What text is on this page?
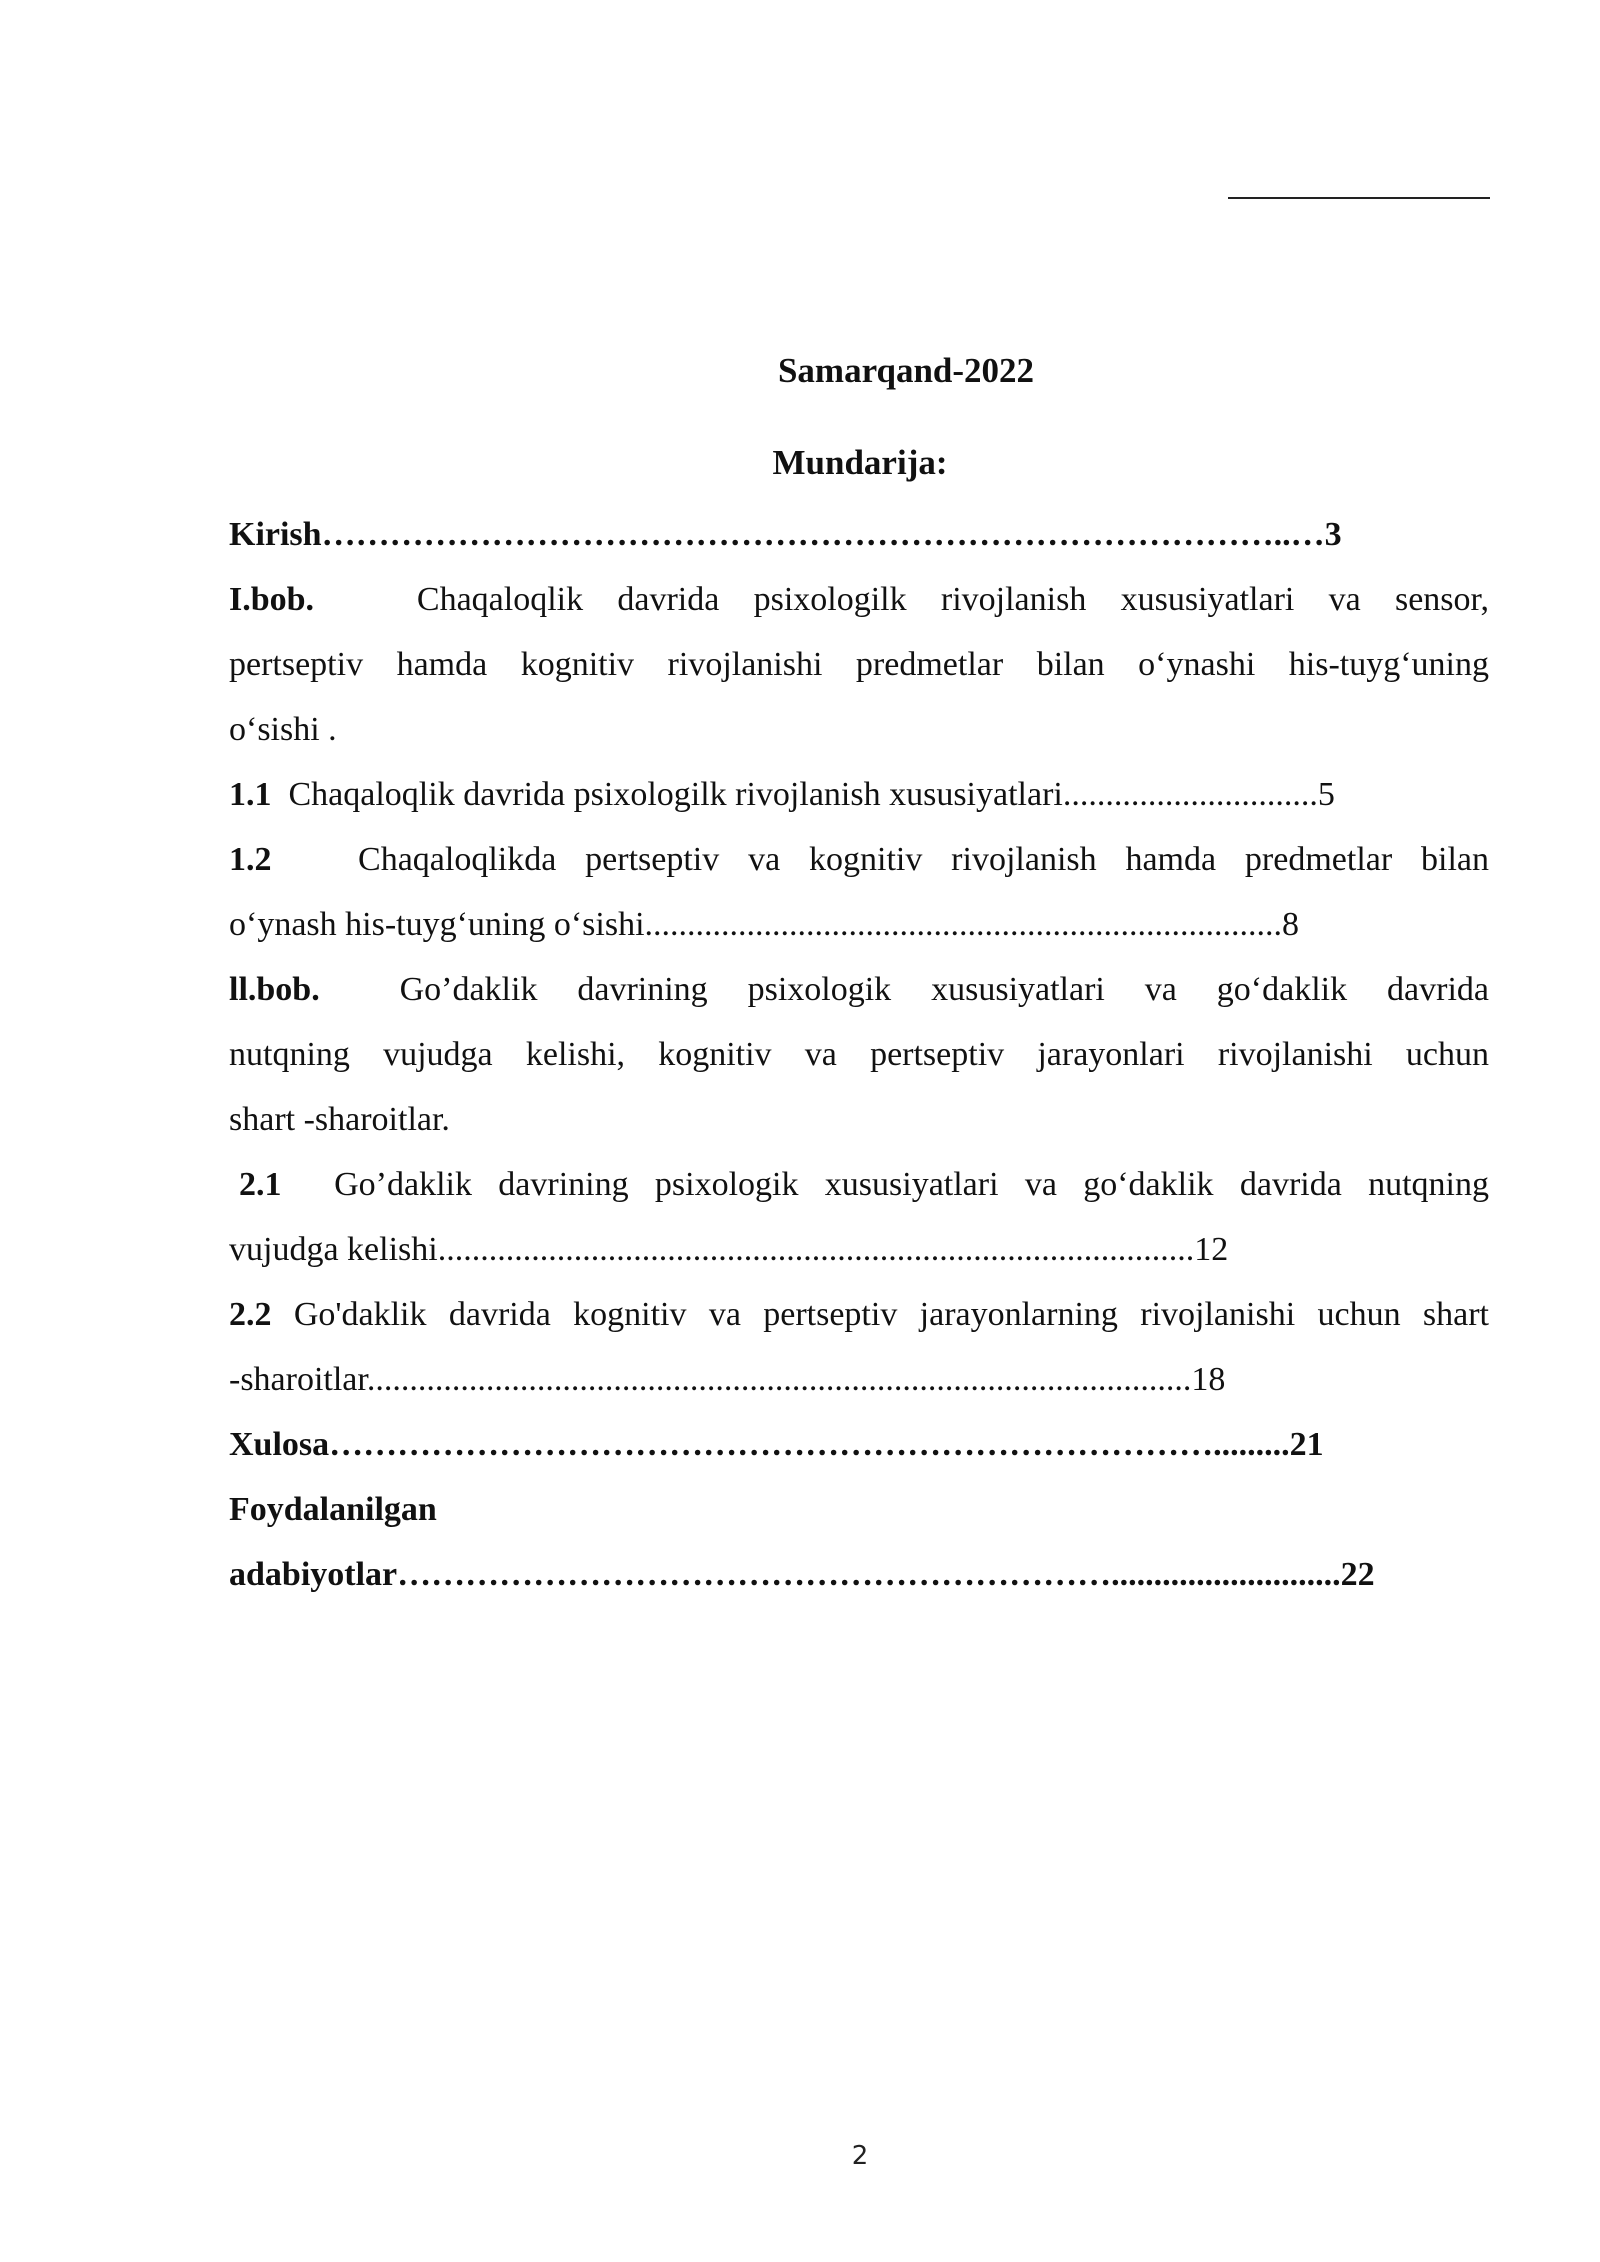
Samarqand-2022
Mundarija:

Kirish…………………………………………………………………………..…3

I.bob.	Chaqaloqlik davrida psixologilk rivojlanish xususiyatlari va sensor,

pertseptiv hamda kognitiv rivojlanishi predmetlar bilan o‘ynashi his-tuyg‘uning

o‘sishi .

1.1 Chaqaloqlik davrida psixologilk rivojlanish xususiyatlari..............................5

1.2	Chaqaloqlikda pertseptiv va kognitiv rivojlanish hamda predmetlar bilan

o‘ynash his-tuyg‘uning o‘sishi...........................................................................8

ll.bob. Go’daklik davrining psixologik xususiyatlari va go‘daklik davrida

nutqning vujudga kelishi, kognitiv va pertseptiv jarayonlari rivojlanishi uchun

shart -sharoitlar.

2.1 Go’daklik davrining psixologik xususiyatlari va go‘daklik davrida nutqning

vujudga kelishi.........................................................................................12

2.2 Go'daklik davrida kognitiv va pertseptiv jarayonlarning rivojlanishi uchun shart

-sharoitlar.................................................................................................18

Xulosa…………………………………………………………………….........21

Foydalanilgan

adabiyotlar………………………………………………………...........................22

2
